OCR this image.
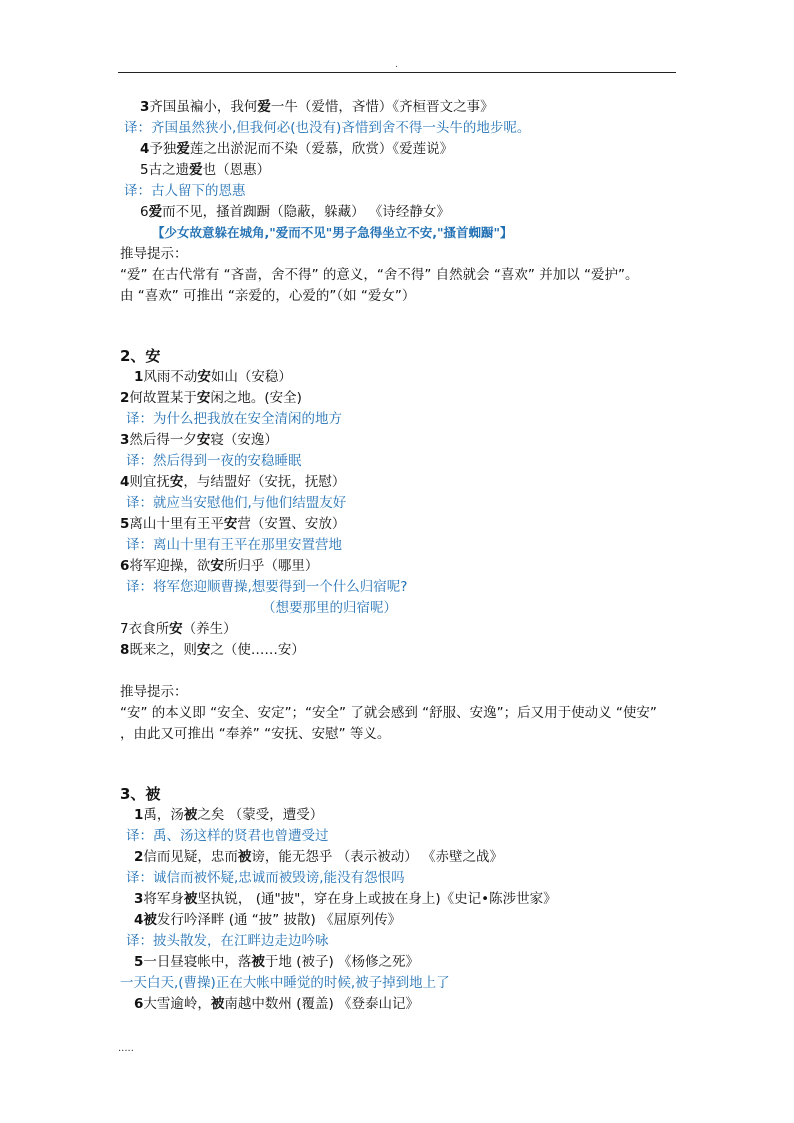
.
3齐国虽褊小，我何爱一牛（爱惜，吝惜）《齐桓晋文之事》
译：齐国虽然狭小,但我何必(也没有)吝惜到舍不得一头牛的地步呢。
4予独爱莲之出淤泥而不染（爱慕，欣赏）《爱莲说》
5古之遗爱也（恩惠）
译：古人留下的恩惠
6爱而不见，搔首踟蹰（隐蔽，躲藏） 《诗经静女》
【少女故意躲在城角,"爱而不见"男子急得坐立不安,"搔首蜘蹰"】
推导提示：
“爱” 在古代常有 “吝啬，舍不得” 的意义，“舍不得” 自然就会 “喜欢” 并加以 “爱护”。
由 “喜欢” 可推出 “亲爱的，心爱的”（如 “爱女”）
2、安
1风雨不动安如山（安稳）
2何故置某于安闲之地。(安全)
译：为什么把我放在安全清闲的地方
3然后得一夕安寝（安逸）
译：然后得到一夜的安稳睡眠
4则宜抚安，与结盟好（安抚，抚慰）
译：就应当安慰他们,与他们结盟友好
5离山十里有王平安营（安置、安放）
译：离山十里有王平在那里安置营地
6将军迎操，欲安所归乎（哪里）
译：将军您迎顺曹操,想要得到一个什么归宿呢?
（想要那里的归宿呢）
7衣食所安（养生）
8既来之，则安之（使……安）
推导提示：
“安” 的本义即 “安全、安定”；“安全” 了就会感到 “舒服、安逸”；后又用于使动义 “使安”
，由此又可推出 “奉养” “安抚、安慰” 等义。
3、被
1禹，汤被之矣 （蒙受，遭受）
译：禹、汤这样的贤君也曾遭受过
2信而见疑，忠而被谤，能无怨乎 （表示被动） 《赤壁之战》
译：诚信而被怀疑,忠诚而被毁谤,能没有怨恨吗
3将军身被坚执锐， (通"披"，穿在身上或披在身上)《史记•陈涉世家》
4被发行吟泽畔 (通 “披” 披散) 《屈原列传》
译：披头散发，在江畔边走边吟咏
5一日昼寝帐中，落被于地 (被子) 《杨修之死》
一天白天,(曹操)正在大帐中睡觉的时候,被子掉到地上了
6大雪逾岭，被南越中数州 (覆盖) 《登泰山记》
.....
